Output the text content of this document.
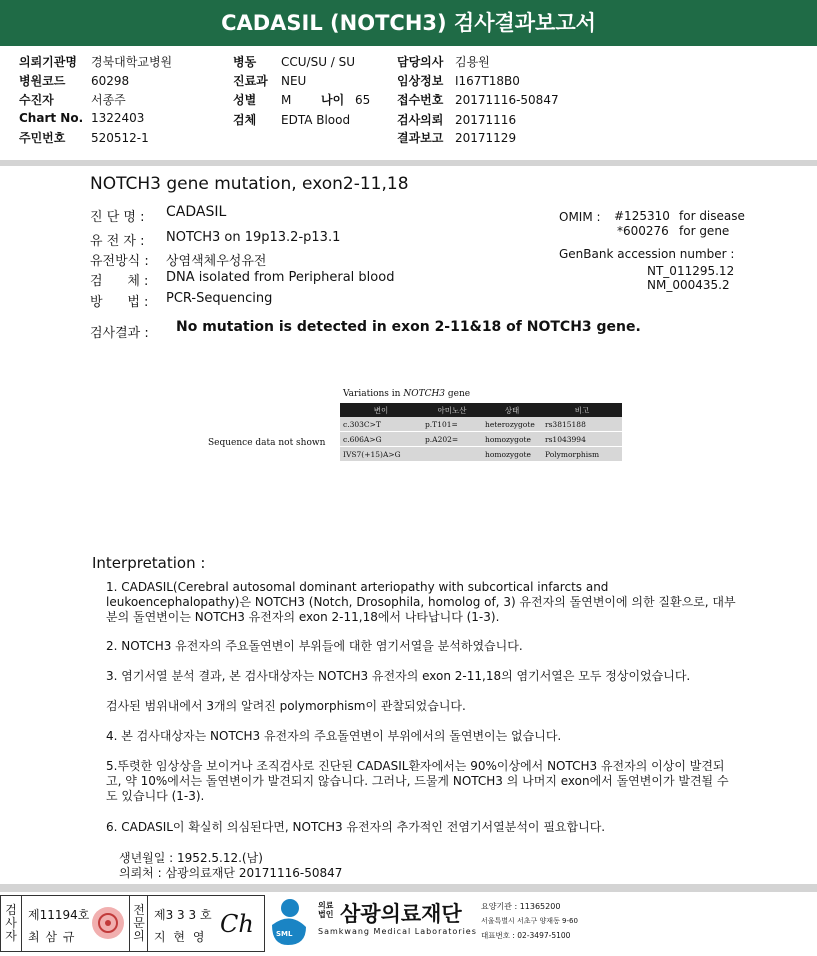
CADASIL (NOTCH3) 검사결과보고서
의뢰기관명 경북대학교병원
병원코드 60298
수진자	서종주
Chart No. 1322403
주민번호 520512-1
병동 CCU/SU / SU
진료과 NEU
성별 M 나이 65
검체 EDTA Blood
담당의사 김용원
임상정보 I167T18B0
접수번호 20171116-50847
검사의뢰 20171116
결과보고 20171129
NOTCH3 gene mutation, exon2-11,18
진 단 명 : CADASIL
유 전 자 : NOTCH3 on 19p13.2-p13.1
유전방식 : 상염색체우성유전
검      체 : DNA isolated from Peripheral blood
방      법 : PCR-Sequencing
OMIM : #125310 for disease
*600276 for gene
GenBank accession number :
NT_011295.12
NM_000435.2
검사결과 : No mutation is detected in exon 2-11&18 of NOTCH3 gene.
Variations in NOTCH3 gene
Sequence data not shown
변이	아미노산	상태	비고
c.303C>T	p.T101=	heterozygote	rs3815188
c.606A>G	p.A202=	homozygote	rs1043994
IVS7(+15)A>G		homozygote	Polymorphism
Interpretation :
1. CADASIL(Cerebral autosomal dominant arteriopathy with subcortical infarcts and leukoencephalopathy)은 NOTCH3 (Notch, Drosophila, homolog of, 3) 유전자의 돌연변이에 의한 질환으로, 대부분의 돌연변이는 NOTCH3 유전자의 exon 2-11,18에서 나타납니다 (1-3).
2. NOTCH3 유전자의 주요돌연변이 부위들에 대한 염기서열을 분석하였습니다.
3. 염기서열 분석 결과, 본 검사대상자는 NOTCH3 유전자의 exon 2-11,18의 염기서열은 모두 정상이었습니다.
검사된 범위내에서 3개의 알려진 polymorphism이 관찰되었습니다.
4. 본 검사대상자는 NOTCH3 유전자의 주요돌연변이 부위에서의 돌연변이는 없습니다.
5.뚜렷한 임상상을 보이거나 조직검사로 진단된 CADASIL환자에서는 90%이상에서 NOTCH3 유전자의 이상이 발견되고, 약 10%에서는 돌연변이가 발견되지 않습니다. 그러나, 드물게 NOTCH3 의 나머지 exon에서 돌연변이가 발견될 수도 있습니다 (1-3).
6. CADASIL이 확실히 의심된다면, NOTCH3 유전자의 추가적인 전염기서열분석이 필요합니다.
생년월일 : 1952.5.12.(남)
의뢰처 : 삼광의료재단 20171116-50847
검사자
제11194호
최 삼 규
전문의
제3 3 3 호
지 현 영 Ch	SML
의료 법인 삼광의료재단
Samkwang Medical Laboratories
요양기관 : 11365200
서울특별시 서초구 양재동 9-60
대표번호 : 02-3497-5100
